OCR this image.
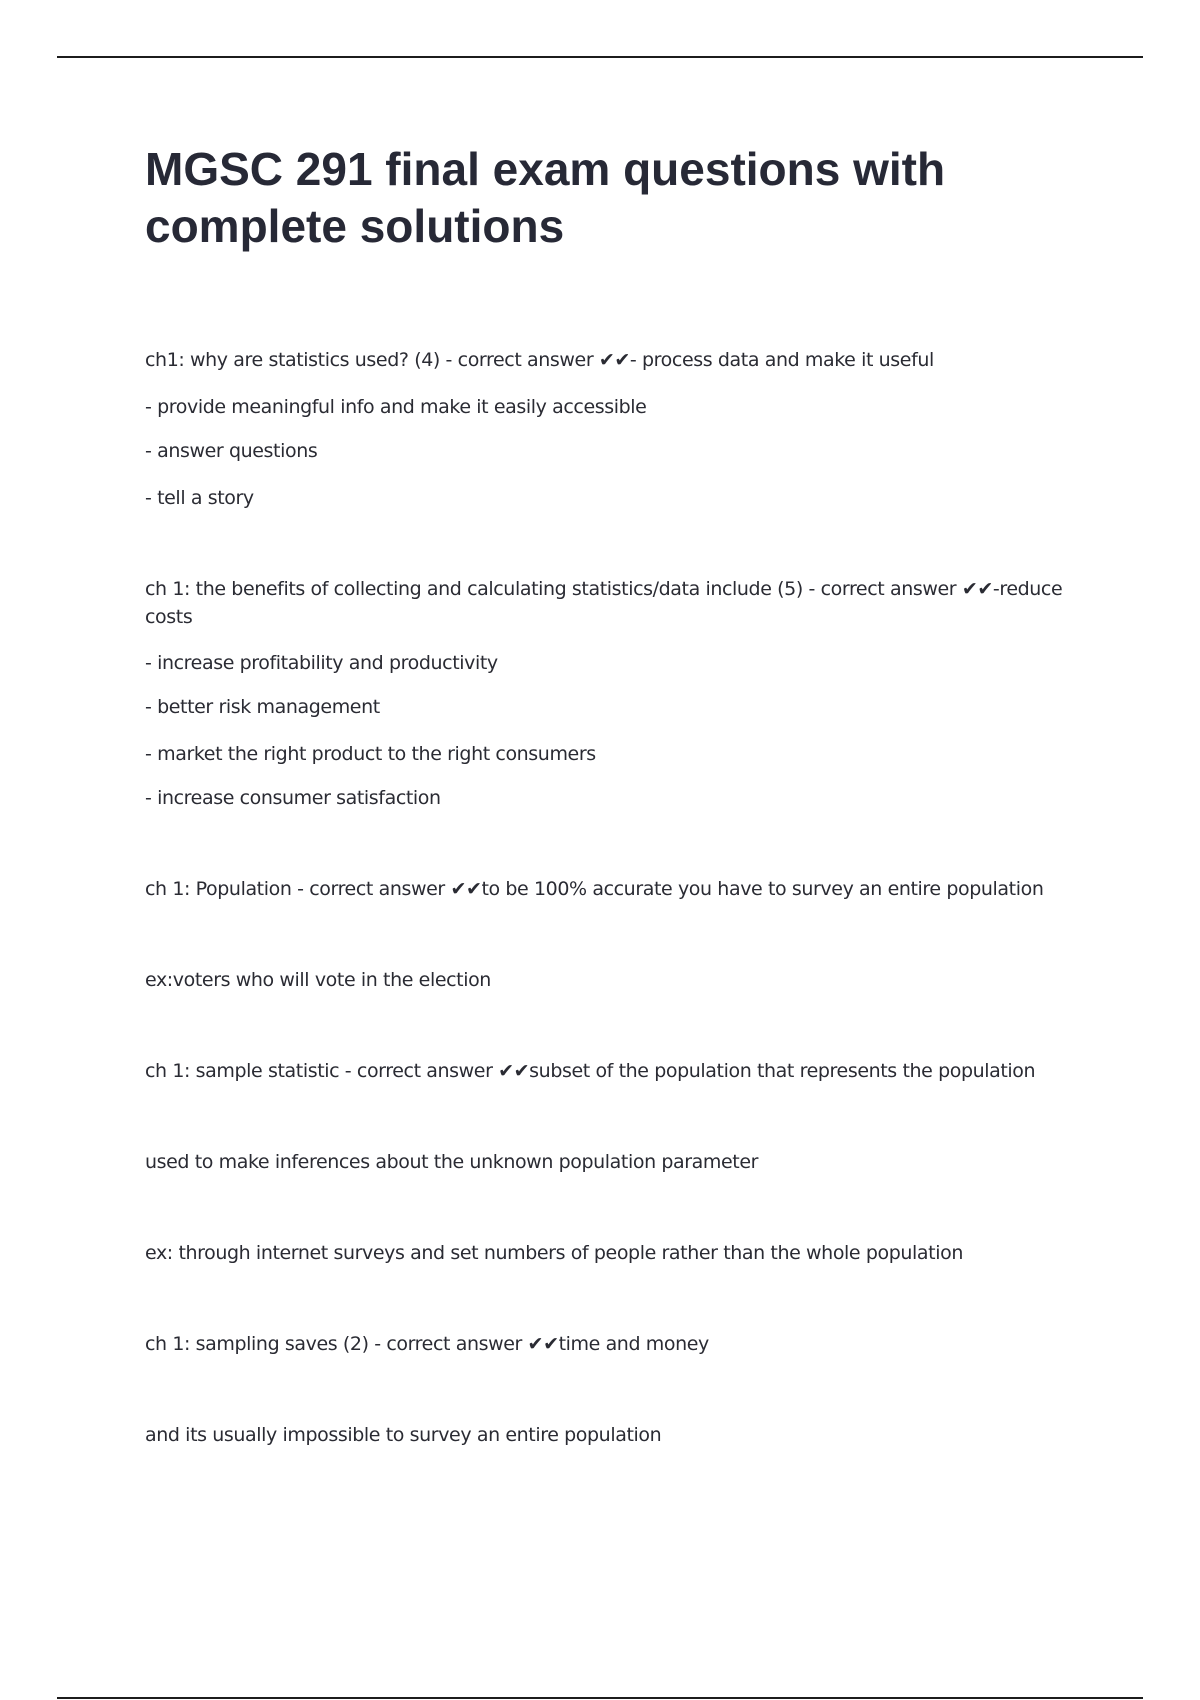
MGSC 291 final exam questions with complete solutions

ch1: why are statistics used? (4) - correct answer ✔✔- process data and make it useful

- provide meaningful info and make it easily accessible

- answer questions

- tell a story

ch 1: the benefits of collecting and calculating statistics/data include (5) - correct answer ✔✔-reduce costs

- increase profitability and productivity

- better risk management

- market the right product to the right consumers

- increase consumer satisfaction

ch 1: Population - correct answer ✔✔to be 100% accurate you have to survey an entire population

ex:voters who will vote in the election

ch 1: sample statistic - correct answer ✔✔subset of the population that represents the population

used to make inferences about the unknown population parameter

ex: through internet surveys and set numbers of people rather than the whole population

ch 1: sampling saves (2) - correct answer ✔✔time and money

and its usually impossible to survey an entire population
